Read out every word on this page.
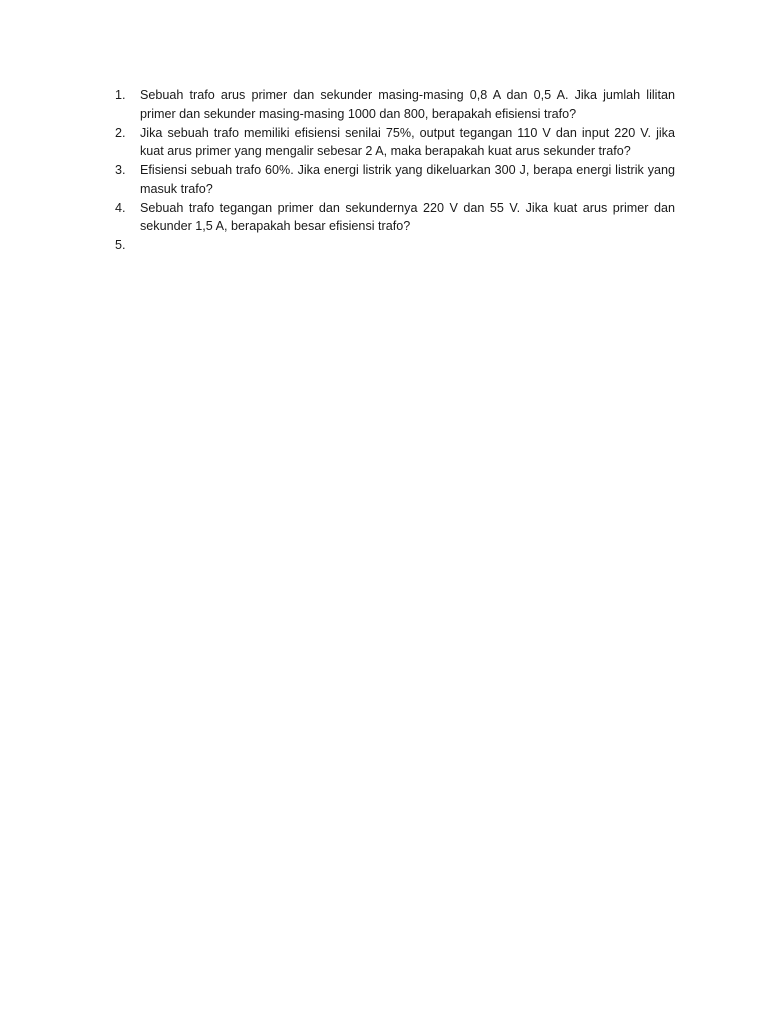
1.	Sebuah trafo arus primer dan sekunder masing-masing 0,8 A dan 0,5 A. Jika jumlah lilitan primer dan sekunder masing-masing 1000 dan 800, berapakah efisiensi trafo?
2.	Jika sebuah trafo memiliki efisiensi senilai 75%, output tegangan 110 V dan input 220 V. jika kuat arus primer yang mengalir sebesar 2 A, maka berapakah kuat arus sekunder trafo?
3.	Efisiensi sebuah trafo 60%. Jika energi listrik yang dikeluarkan 300 J, berapa energi listrik yang masuk trafo?
4.	Sebuah trafo tegangan primer dan sekundernya 220 V dan 55 V. Jika kuat arus primer dan sekunder 1,5 A, berapakah besar efisiensi trafo?
5.
